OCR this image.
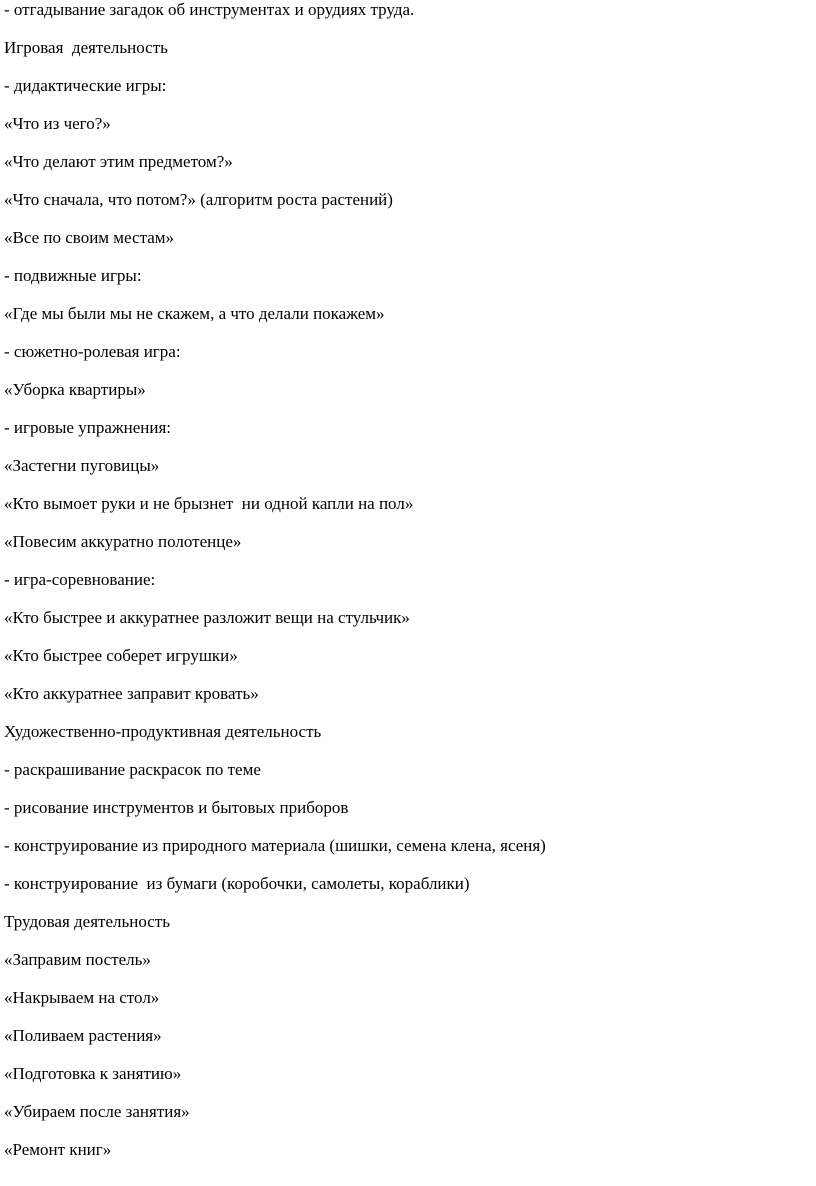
- отгадывание загадок об инструментах и орудиях труда.
Игровая  деятельность
- дидактические игры:
«Что из чего?»
«Что делают этим предметом?»
«Что сначала, что потом?» (алгоритм роста растений)
«Все по своим местам»
- подвижные игры:
«Где мы были мы не скажем, а что делали покажем»
- сюжетно-ролевая игра:
«Уборка квартиры»
- игровые упражнения:
«Застегни пуговицы»
«Кто вымоет руки и не брызнет  ни одной капли на пол»
«Повесим аккуратно полотенце»
- игра-соревнование:
«Кто быстрее и аккуратнее разложит вещи на стульчик»
«Кто быстрее соберет игрушки»
«Кто аккуратнее заправит кровать»
Художественно-продуктивная деятельность
- раскрашивание раскрасок по теме
- рисование инструментов и бытовых приборов
- конструирование из природного материала (шишки, семена клена, ясеня)
- конструирование  из бумаги (коробочки, самолеты, кораблики)
Трудовая деятельность
«Заправим постель»
«Накрываем на стол»
«Поливаем растения»
«Подготовка к занятию»
«Убираем после занятия»
«Ремонт книг»
